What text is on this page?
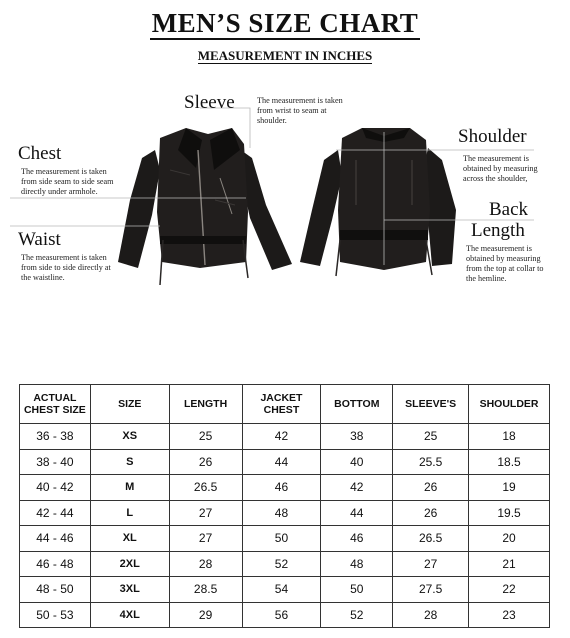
MEN’S SIZE CHART
MEASUREMENT IN INCHES
Sleeve	The measurement is taken
from wrist to seam at
shoulder.
Chest
The measurement is taken
from side seam to side seam
directly under armhole.
Waist
The measurement is taken
from side to side directly at
the waistline.
Shoulder
The measurement is
obtained by measuring
across the shoulder,
Back
Length
The measurement is
obtained by measuring
from the top at collar to
the hemline.
ACTUAL CHEST SIZE	SIZE	LENGTH	JACKET CHEST	BOTTOM	SLEEVE'S	SHOULDER
36 - 38	XS	25	42	38	25	18
38 - 40	S	26	44	40	25.5	18.5
40 - 42	M	26.5	46	42	26	19
42 - 44	L	27	48	44	26	19.5
44 - 46	XL	27	50	46	26.5	20
46 - 48	2XL	28	52	48	27	21
48 - 50	3XL	28.5	54	50	27.5	22
50 - 53	4XL	29	56	52	28	23
